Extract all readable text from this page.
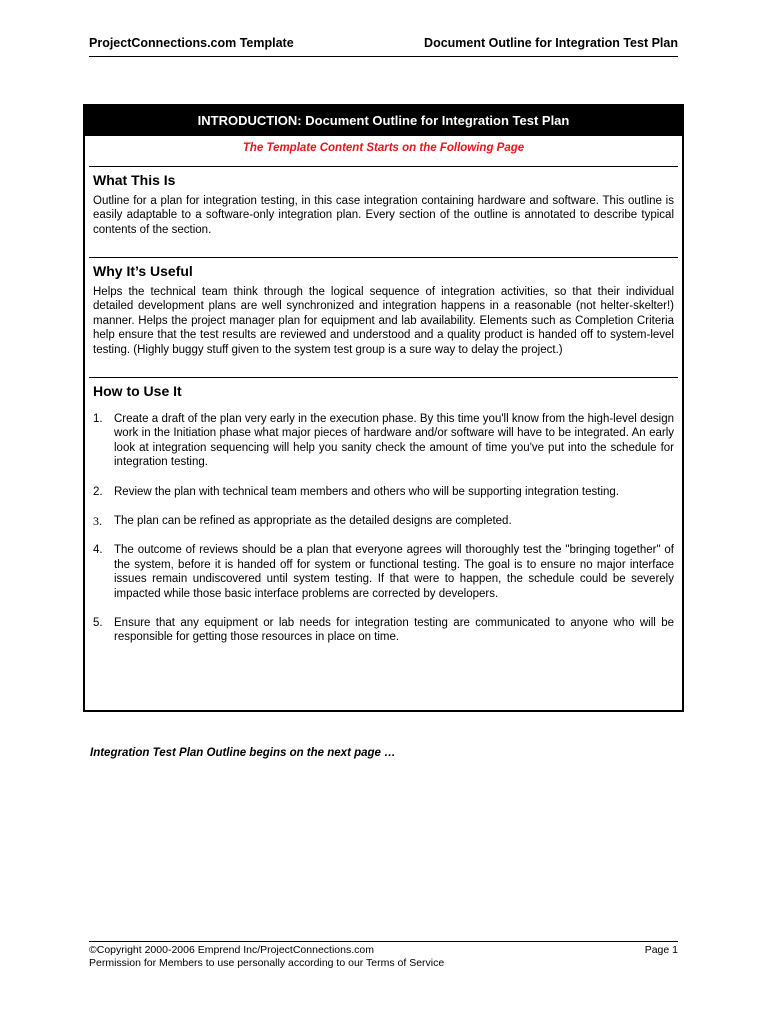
ProjectConnections.com Template	Document Outline for Integration Test Plan
INTRODUCTION: Document Outline for Integration Test Plan
The Template Content Starts on the Following Page
What This Is

Outline for a plan for integration testing, in this case integration containing hardware and software. This outline is easily adaptable to a software-only integration plan. Every section of the outline is annotated to describe typical contents of the section.

Why It’s Useful

Helps the technical team think through the logical sequence of integration activities, so that their individual detailed development plans are well synchronized and integration happens in a reasonable (not helter-skelter!) manner. Helps the project manager plan for equipment and lab availability. Elements such as Completion Criteria help ensure that the test results are reviewed and understood and a quality product is handed off to system-level testing. (Highly buggy stuff given to the system test group is a sure way to delay the project.)

How to Use It
1. Create a draft of the plan very early in the execution phase. By this time you'll know from the high-level design work in the Initiation phase what major pieces of hardware and/or software will have to be integrated. An early look at integration sequencing will help you sanity check the amount of time you've put into the schedule for integration testing.
2. Review the plan with technical team members and others who will be supporting integration testing.
3. The plan can be refined as appropriate as the detailed designs are completed.
4. The outcome of reviews should be a plan that everyone agrees will thoroughly test the "bringing together" of the system, before it is handed off for system or functional testing. The goal is to ensure no major interface issues remain undiscovered until system testing. If that were to happen, the schedule could be severely impacted while those basic interface problems are corrected by developers.
5. Ensure that any equipment or lab needs for integration testing are communicated to anyone who will be responsible for getting those resources in place on time.
Integration Test Plan Outline begins on the next page …
©Copyright 2000-2006 Emprend Inc/ProjectConnections.com
Permission for Members to use personally according to our Terms of Service
Page 1
